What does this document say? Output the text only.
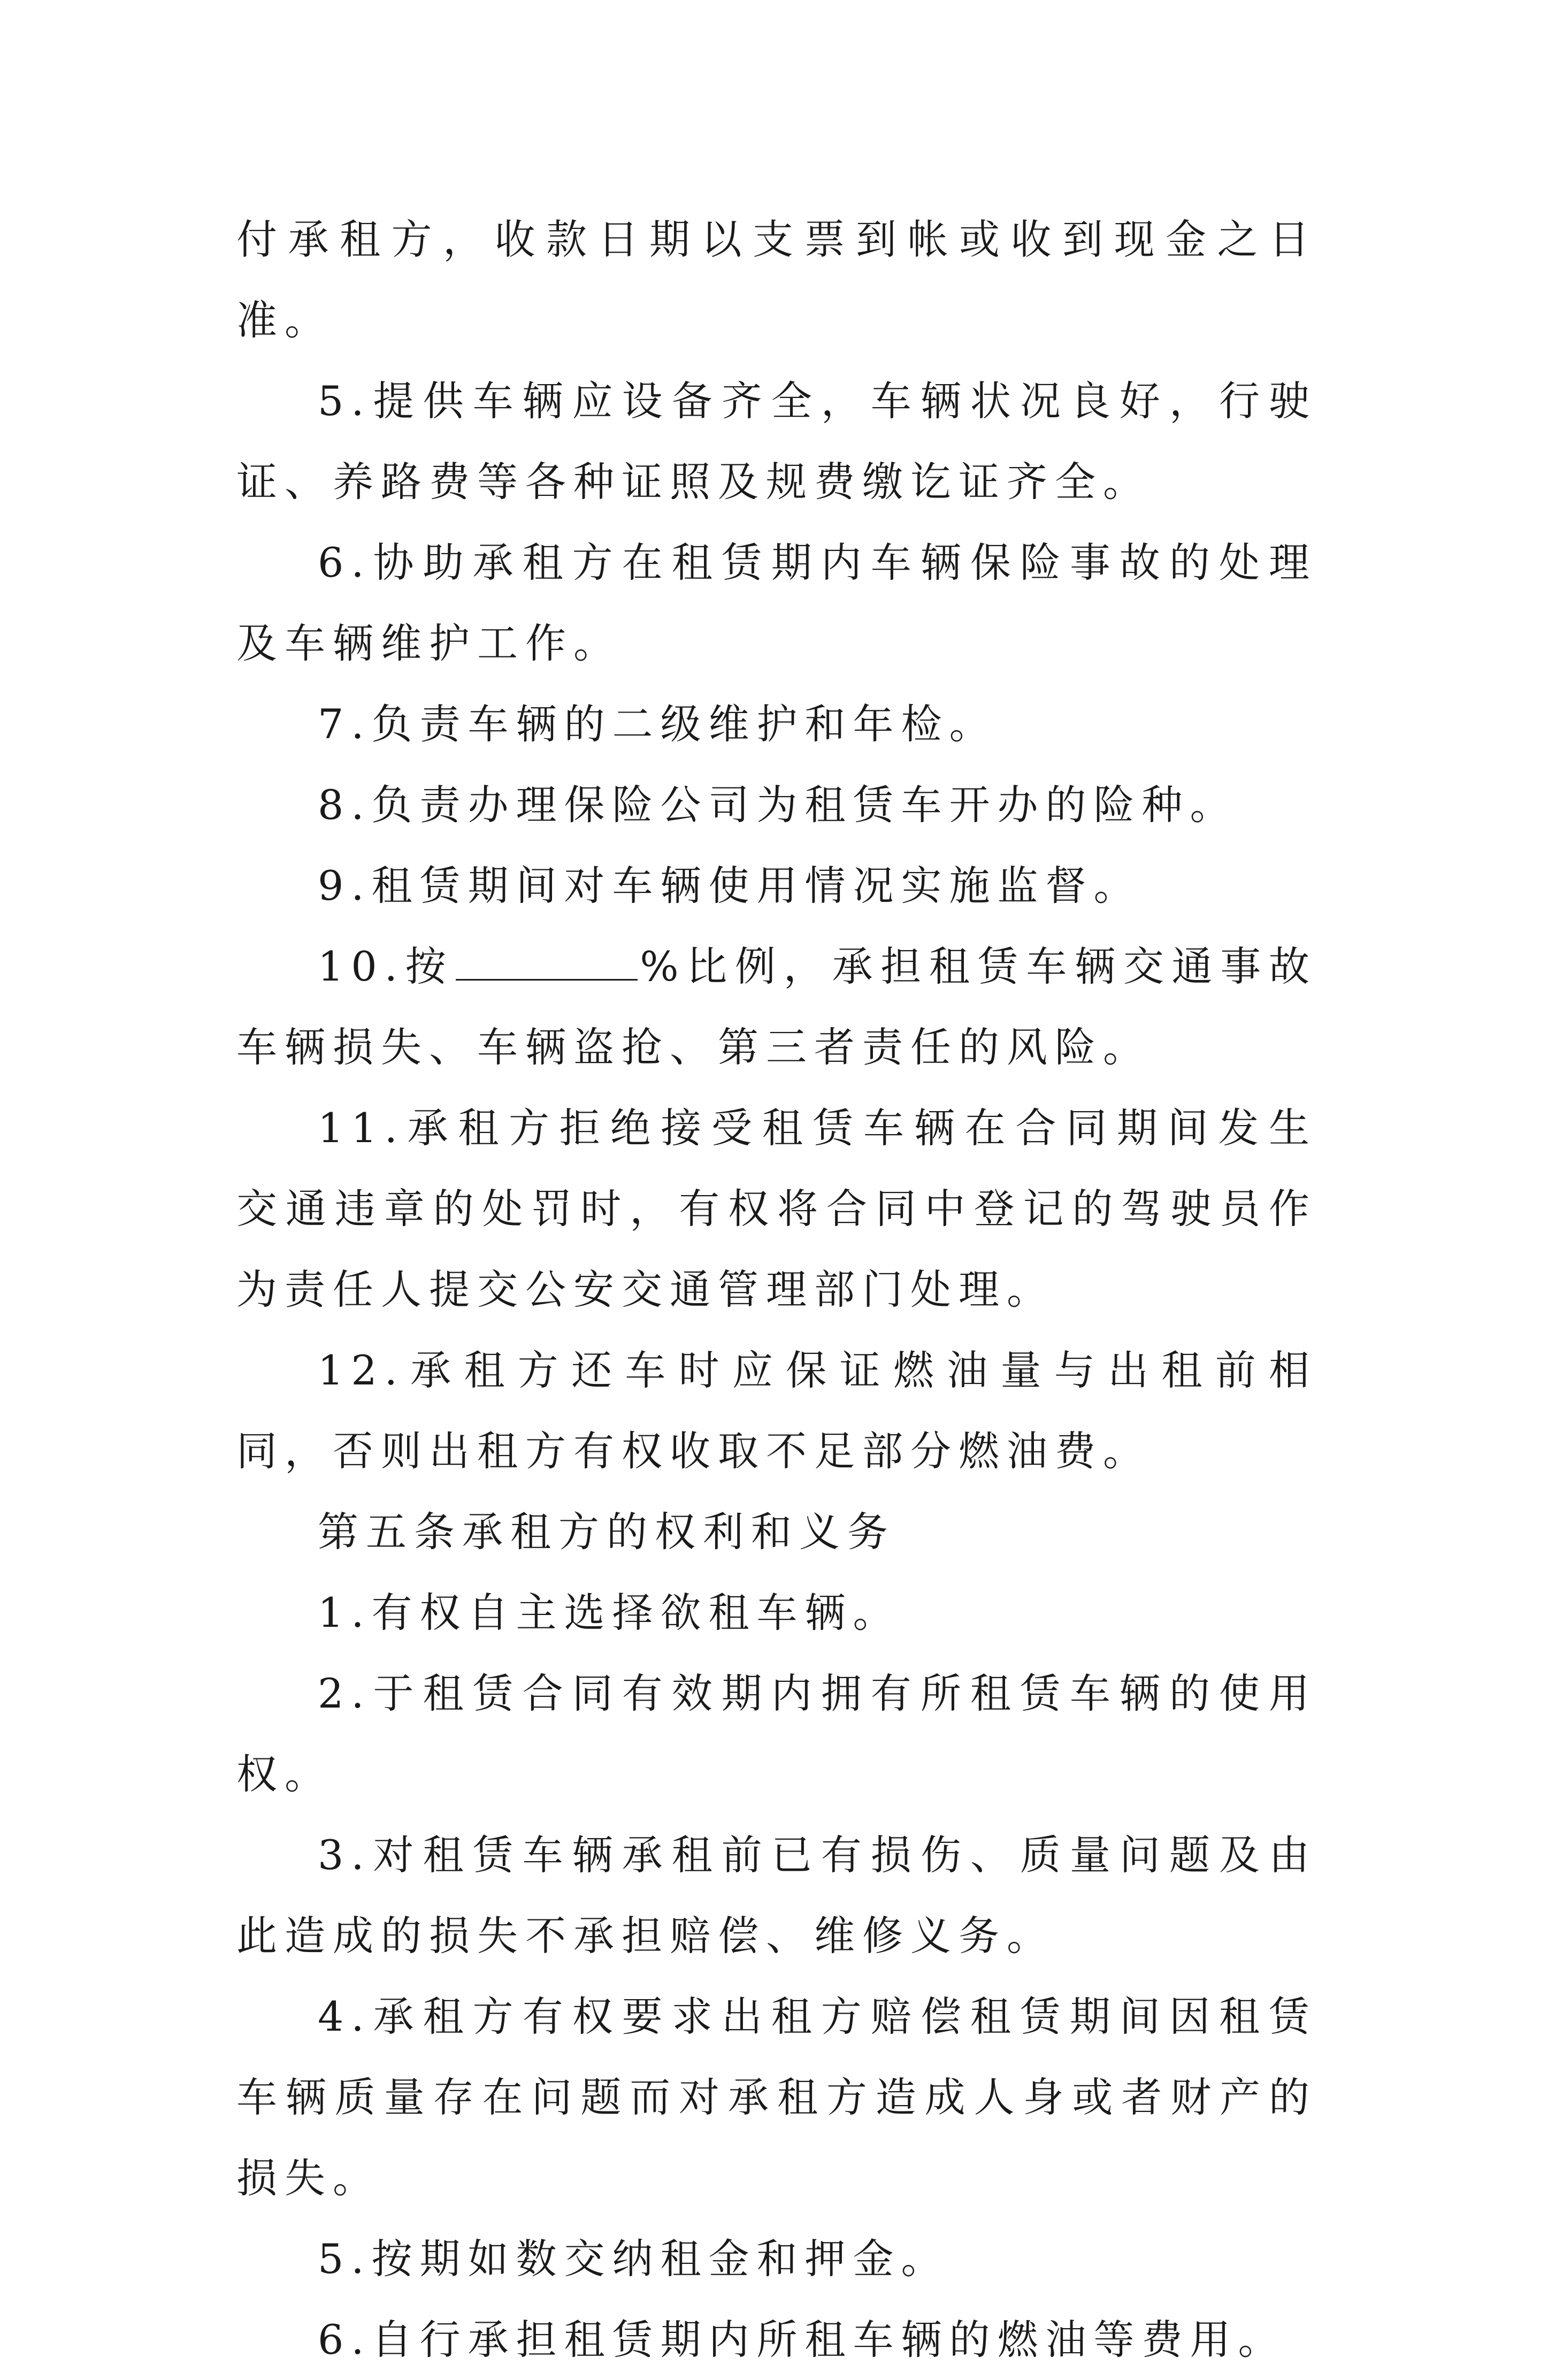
付承租方，收款日期以支票到帐或收到现金之日准。

5.提供车辆应设备齐全，车辆状况良好，行驶证、养路费等各种证照及规费缴讫证齐全。

6.协助承租方在租赁期内车辆保险事故的处理及车辆维护工作。

7.负责车辆的二级维护和年检。

8.负责办理保险公司为租赁车开办的险种。

9.租赁期间对车辆使用情况实施监督。

10.按	%比例，承担租赁车辆交通事故车辆损失、车辆盗抢、第三者责任的风险。

11.承租方拒绝接受租赁车辆在合同期间发生交通违章的处罚时，有权将合同中登记的驾驶员作为责任人提交公安交通管理部门处理。

12.承租方还车时应保证燃油量与出租前相同，否则出租方有权收取不足部分燃油费。

第五条承租方的权利和义务

1.有权自主选择欲租车辆。

2.于租赁合同有效期内拥有所租赁车辆的使用权。

3.对租赁车辆承租前已有损伤、质量问题及由此造成的损失不承担赔偿、维修义务。

4.承租方有权要求出租方赔偿租赁期间因租赁车辆质量存在问题而对承租方造成人身或者财产的损失。

5.按期如数交纳租金和押金。

6.自行承担租赁期内所租车辆的燃油等费用。
